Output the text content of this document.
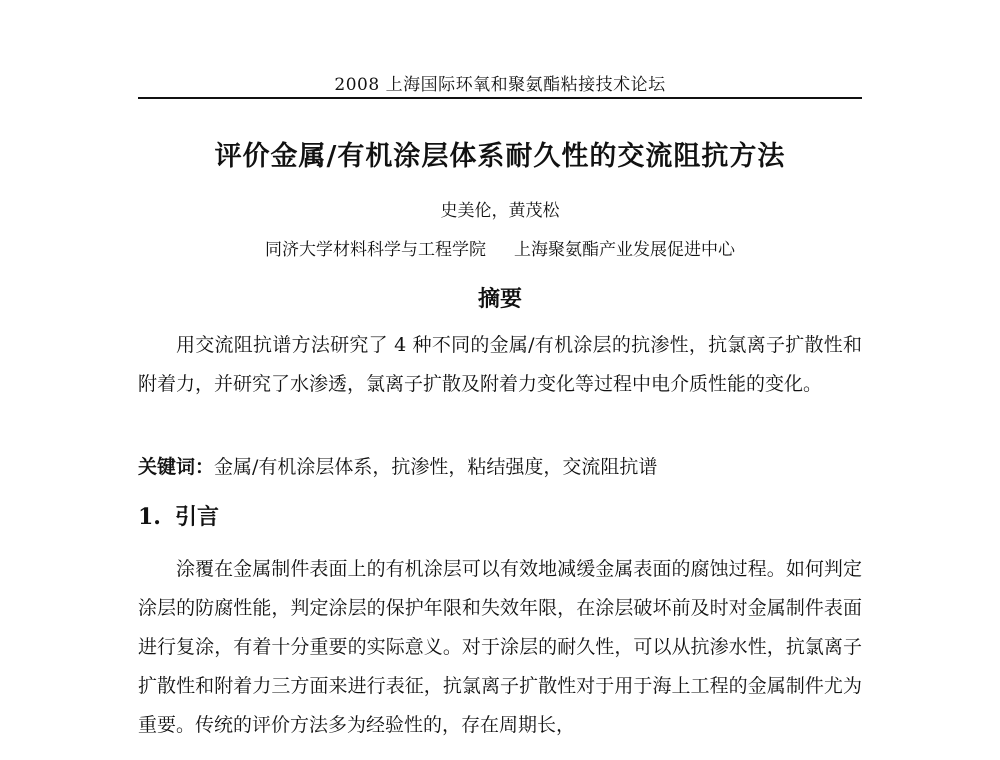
2008 上海国际环氧和聚氨酯粘接技术论坛
评价金属/有机涂层体系耐久性的交流阻抗方法
史美伦，黄茂松
同济大学材料科学与工程学院 上海聚氨酯产业发展促进中心
摘要

用交流阻抗谱方法研究了 4 种不同的金属/有机涂层的抗渗性，抗氯离子扩散性和附着力，并研究了水渗透，氯离子扩散及附着力变化等过程中电介质性能的变化。

关键词：金属/有机涂层体系，抗渗性，粘结强度，交流阻抗谱
1. 引言

涂覆在金属制件表面上的有机涂层可以有效地减缓金属表面的腐蚀过程。如何判定涂层的防腐性能，判定涂层的保护年限和失效年限，在涂层破坏前及时对金属制件表面进行复涂，有着十分重要的实际意义。对于涂层的耐久性，可以从抗渗水性，抗氯离子扩散性和附着力三方面来进行表征，抗氯离子扩散性对于用于海上工程的金属制件尤为重要。传统的评价方法多为经验性的，存在周期长，
